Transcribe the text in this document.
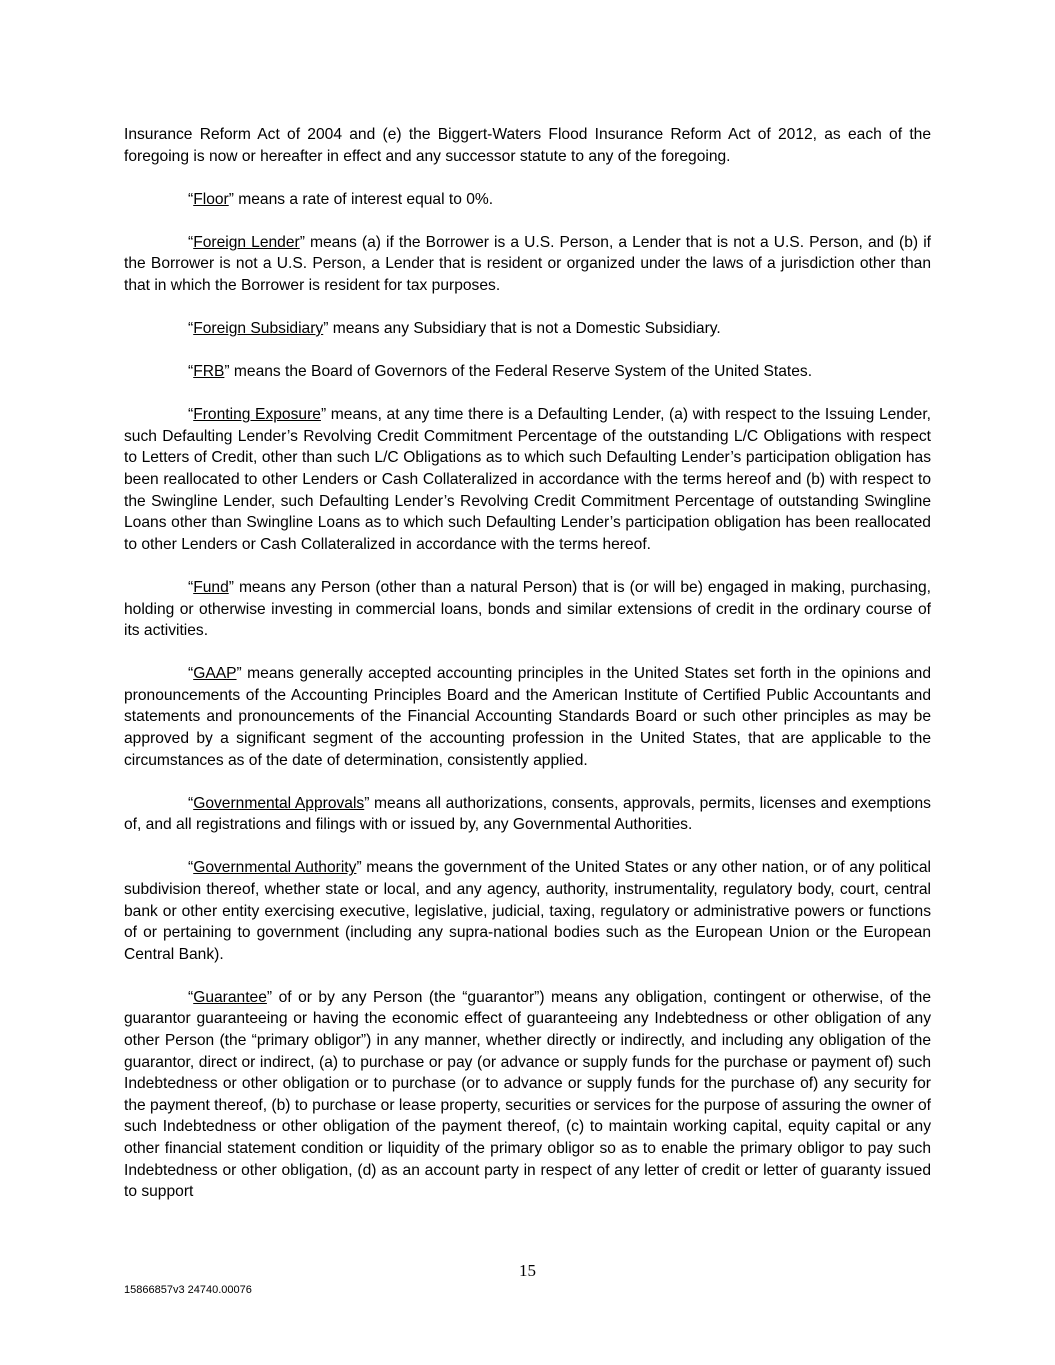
Insurance Reform Act of 2004 and (e) the Biggert-Waters Flood Insurance Reform Act of 2012, as each of the foregoing is now or hereafter in effect and any successor statute to any of the foregoing.

“Floor” means a rate of interest equal to 0%.

“Foreign Lender” means (a) if the Borrower is a U.S. Person, a Lender that is not a U.S. Person, and (b) if the Borrower is not a U.S. Person, a Lender that is resident or organized under the laws of a jurisdiction other than that in which the Borrower is resident for tax purposes.

“Foreign Subsidiary” means any Subsidiary that is not a Domestic Subsidiary.

“FRB” means the Board of Governors of the Federal Reserve System of the United States.

“Fronting Exposure” means, at any time there is a Defaulting Lender, (a) with respect to the Issuing Lender, such Defaulting Lender’s Revolving Credit Commitment Percentage of the outstanding L/C Obligations with respect to Letters of Credit, other than such L/C Obligations as to which such Defaulting Lender’s participation obligation has been reallocated to other Lenders or Cash Collateralized in accordance with the terms hereof and (b) with respect to the Swingline Lender, such Defaulting Lender’s Revolving Credit Commitment Percentage of outstanding Swingline Loans other than Swingline Loans as to which such Defaulting Lender’s participation obligation has been reallocated to other Lenders or Cash Collateralized in accordance with the terms hereof.

“Fund” means any Person (other than a natural Person) that is (or will be) engaged in making, purchasing, holding or otherwise investing in commercial loans, bonds and similar extensions of credit in the ordinary course of its activities.

“GAAP” means generally accepted accounting principles in the United States set forth in the opinions and pronouncements of the Accounting Principles Board and the American Institute of Certified Public Accountants and statements and pronouncements of the Financial Accounting Standards Board or such other principles as may be approved by a significant segment of the accounting profession in the United States, that are applicable to the circumstances as of the date of determination, consistently applied.

“Governmental Approvals” means all authorizations, consents, approvals, permits, licenses and exemptions of, and all registrations and filings with or issued by, any Governmental Authorities.

“Governmental Authority” means the government of the United States or any other nation, or of any political subdivision thereof, whether state or local, and any agency, authority, instrumentality, regulatory body, court, central bank or other entity exercising executive, legislative, judicial, taxing, regulatory or administrative powers or functions of or pertaining to government (including any supra-national bodies such as the European Union or the European Central Bank).

“Guarantee” of or by any Person (the “guarantor”) means any obligation, contingent or otherwise, of the guarantor guaranteeing or having the economic effect of guaranteeing any Indebtedness or other obligation of any other Person (the “primary obligor”) in any manner, whether directly or indirectly, and including any obligation of the guarantor, direct or indirect, (a) to purchase or pay (or advance or supply funds for the purchase or payment of) such Indebtedness or other obligation or to purchase (or to advance or supply funds for the purchase of) any security for the payment thereof, (b) to purchase or lease property, securities or services for the purpose of assuring the owner of such Indebtedness or other obligation of the payment thereof, (c) to maintain working capital, equity capital or any other financial statement condition or liquidity of the primary obligor so as to enable the primary obligor to pay such Indebtedness or other obligation, (d) as an account party in respect of any letter of credit or letter of guaranty issued to support

15
15866857v3 24740.00076
